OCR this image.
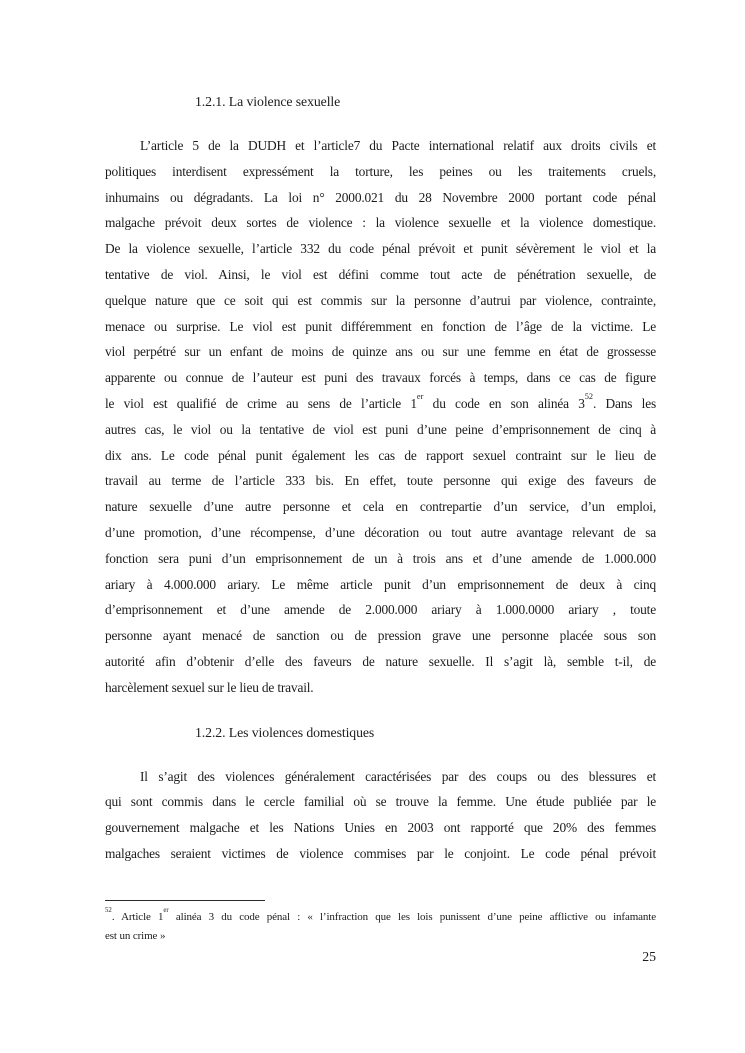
1.2.1. La violence sexuelle
L’article 5 de la DUDH et l’article7 du Pacte international relatif aux droits civils et
politiques interdisent expressément la torture, les peines ou les traitements cruels,
inhumains ou dégradants. La loi n° 2000.021 du 28 Novembre 2000 portant code pénal
malgache prévoit deux sortes de violence : la violence sexuelle et la violence domestique.
De la violence sexuelle, l’article 332 du code pénal prévoit et punit sévèrement le viol et la
tentative de viol. Ainsi, le viol est défini comme tout acte de pénétration sexuelle, de
quelque nature que ce soit qui est commis sur la personne d’autrui par violence, contrainte,
menace ou surprise. Le viol est punit différemment en fonction de l’âge de la victime. Le
viol perpétré sur un enfant de moins de quinze ans ou sur une femme en état de grossesse
apparente ou connue de l’auteur est puni des travaux forcés à temps, dans ce cas de figure
le viol est qualifié de crime au sens de l’article 1er du code en son alinéa $3^{52}$. Dans les
autres cas, le viol ou la tentative de viol est puni d’une peine d’emprisonnement de cinq à
dix ans. Le code pénal punit également les cas de rapport sexuel contraint sur le lieu de
travail au terme de l’article 333 bis. En effet, toute personne qui exige des faveurs de
nature sexuelle d’une autre personne et cela en contrepartie d’un service, d’un emploi,
d’une promotion, d’une récompense, d’une décoration ou tout autre avantage relevant de sa
fonction sera puni d’un emprisonnement de un à trois ans et d’une amende de 1.000.000
ariary à 4.000.000 ariary. Le même article punit d’un emprisonnement de deux à cinq
d’emprisonnement et d’une amende de 2.000.000 ariary à 1.000.0000 ariary , toute
personne ayant menacé de sanction ou de pression grave une personne placée sous son
autorité afin d’obtenir d’elle des faveurs de nature sexuelle. Il s’agit là, semble t-il, de
harcèlement sexuel sur le lieu de travail.
1.2.2. Les violences domestiques
Il s’agit des violences généralement caractérisées par des coups ou des blessures et
qui sont commis dans le cercle familial où se trouve la femme. Une étude publiée par le
gouvernement malgache et les Nations Unies en 2003 ont rapporté que 20% des femmes
malgaches seraient victimes de violence commises par le conjoint. Le code pénal prévoit
$^{52}$. Article 1er alinéa 3 du code pénal : « l’infraction que les lois punissent d’une peine afflictive ou infamante
est un crime »
25
